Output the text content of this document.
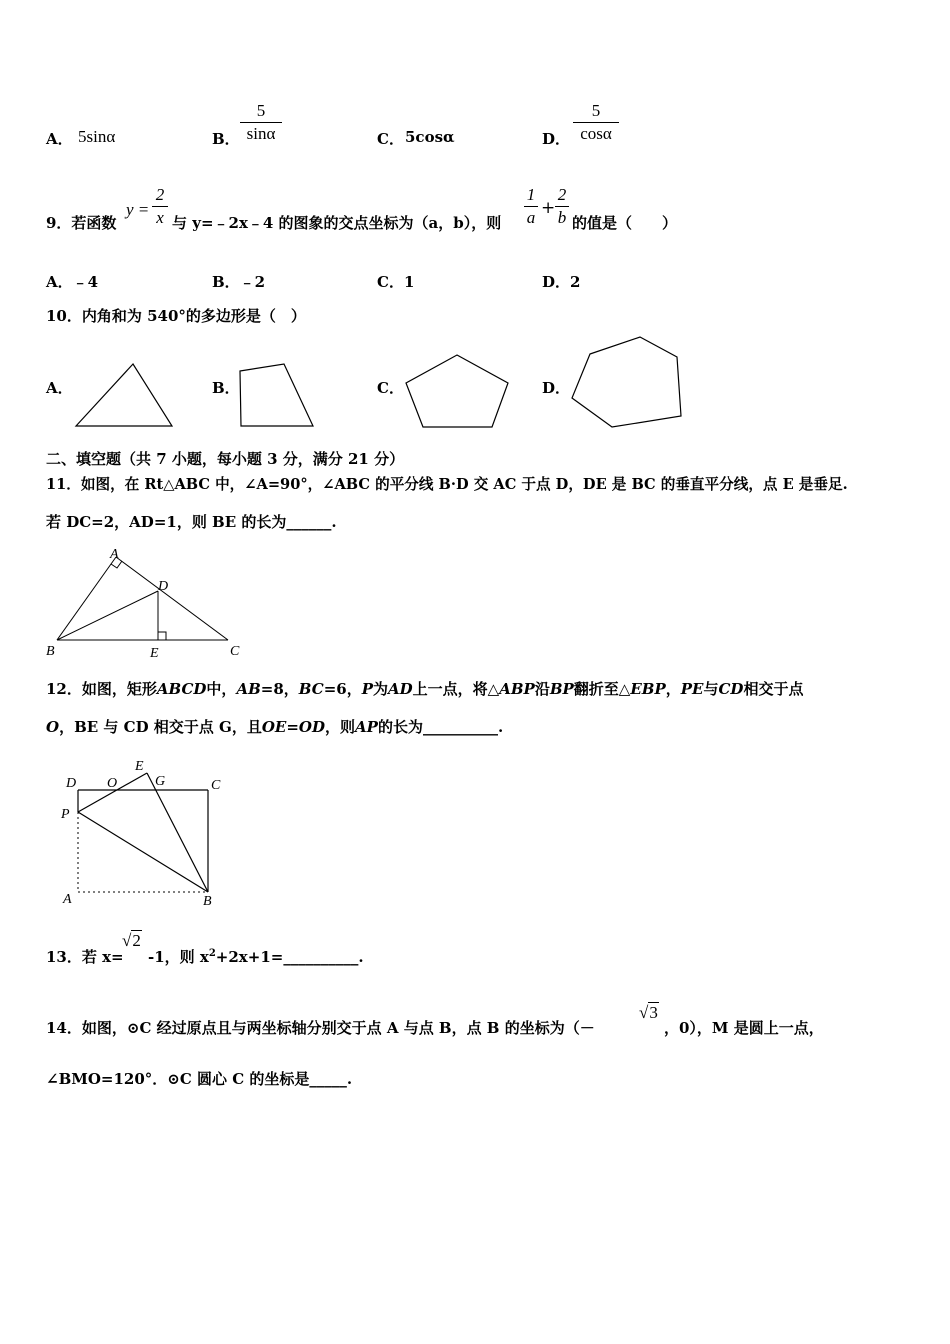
A． 5sinα	B．
5
sinα	C． 5cosα	D．
5
cosα
9．若函数
y =
2
x 与 y=﹣2x﹣4 的图象的交点坐标为（a，b），则
1
a +
2
b 的值是（　　）
A．﹣4	B．﹣2	C．1	D．2
10．内角和为 540°的多边形是（　）
A．	B．	C．	D．
二、填空题（共 7 小题，每小题 3 分，满分 21 分）
11．如图，在 Rt△ABC 中，∠A=90°，∠ABC 的平分线 B·D 交 AC 于点 D，DE 是 BC 的垂直平分线，点 E 是垂足.
若 DC=2，AD=1，则 BE 的长为______.
A
D
B	E	C
12．如图，矩形ABCD中，AB=8，BC=6，P为AD上一点，将△ABP沿BP翻折至△EBP，PE与CD相交于点
O，BE 与 CD 相交于点 G，且OE=OD，则AP的长为__________.
D O
E
G	C
P
A	B
13．若 x=
√2
-1，则 $x^2+2x+1=\_\_\_\_\_\_\_\_\_\_$.
14．如图，⊙C 经过原点且与两坐标轴分别交于点 A 与点 B，点 B 的坐标为（－
√3
，0），M 是圆上一点，
∠BMO=120°．⊙C 圆心 C 的坐标是_____.
